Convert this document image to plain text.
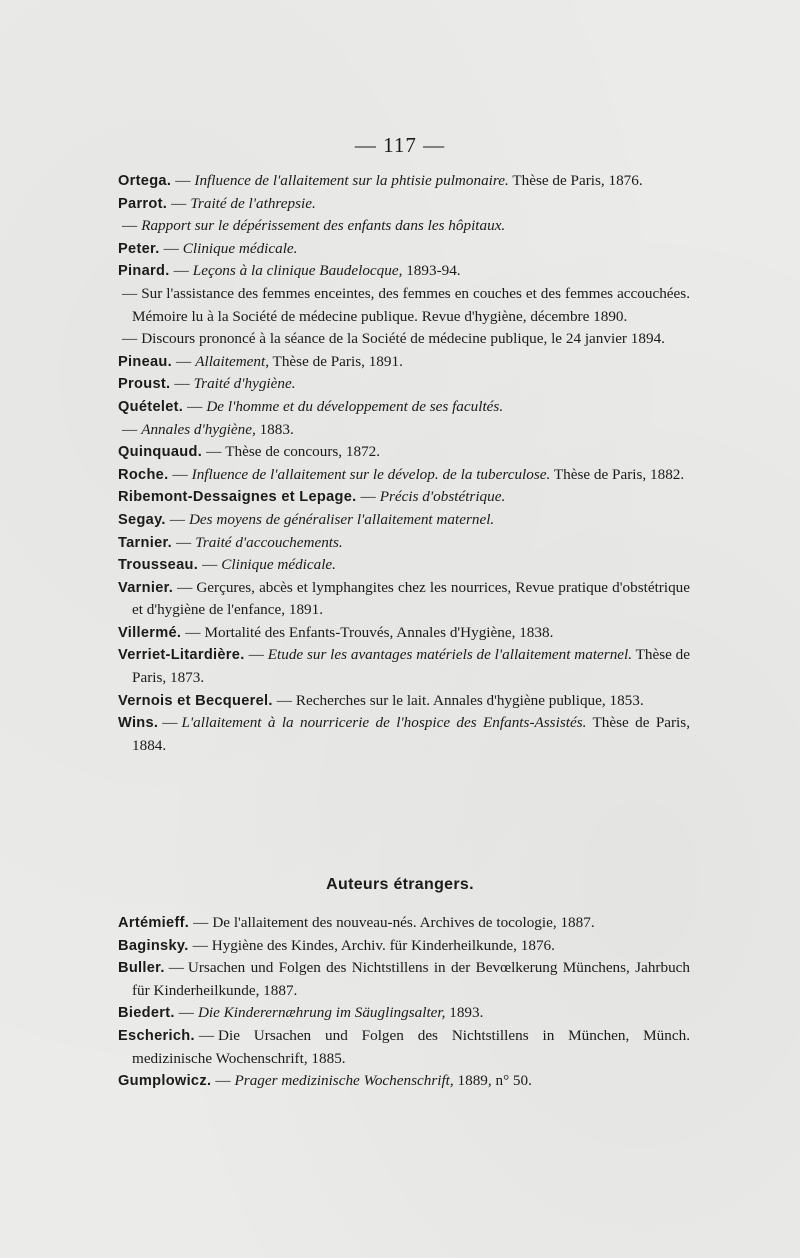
— 117 —

Ortega. — Influence de l'allaitement sur la phtisie pulmonaire. Thèse de Paris, 1876.

Parrot. — Traité de l'athrepsie.

— Rapport sur le dépérissement des enfants dans les hôpitaux.

Peter. — Clinique médicale.

Pinard. — Leçons à la clinique Baudelocque, 1893-94.

— Sur l'assistance des femmes enceintes, des femmes en couches et des femmes accouchées. Mémoire lu à la Société de médecine publique. Revue d'hygiène, décembre 1890.

— Discours prononcé à la séance de la Société de médecine publique, le 24 janvier 1894.

Pineau. — Allaitement, Thèse de Paris, 1891.

Proust. — Traité d'hygiène.

Quételet. — De l'homme et du développement de ses facultés.

— Annales d'hygiène, 1883.

Quinquaud. — Thèse de concours, 1872.

Roche. — Influence de l'allaitement sur le dévelop. de la tuberculose. Thèse de Paris, 1882.

Ribemont-Dessaignes et Lepage. — Précis d'obstétrique.

Segay. — Des moyens de généraliser l'allaitement maternel.

Tarnier. — Traité d'accouchements.

Trousseau. — Clinique médicale.

Varnier. — Gerçures, abcès et lymphangites chez les nourrices, Revue pratique d'obstétrique et d'hygiène de l'enfance, 1891.

Villermé. — Mortalité des Enfants-Trouvés, Annales d'Hygiène, 1838.

Verriet-Litardière. — Etude sur les avantages matériels de l'allaitement maternel. Thèse de Paris, 1873.

Vernois et Becquerel. — Recherches sur le lait. Annales d'hygiène publique, 1853.

Wins. — L'allaitement à la nourricerie de l'hospice des Enfants-Assistés. Thèse de Paris, 1884.

Auteurs étrangers.

Artémieff. — De l'allaitement des nouveau-nés. Archives de tocologie, 1887.

Baginsky. — Hygiène des Kindes, Archiv. für Kinderheilkunde, 1876.

Buller. — Ursachen und Folgen des Nichtstillens in der Bevœlkerung Münchens, Jahrbuch für Kinderheilkunde, 1887.

Biedert. — Die Kinderernæhrung im Säuglingsalter, 1893.

Escherich. — Die Ursachen und Folgen des Nichtstillens in München, Münch. medizinische Wochenschrift, 1885.

Gumplowicz. — Prager medizinische Wochenschrift, 1889, n° 50.
